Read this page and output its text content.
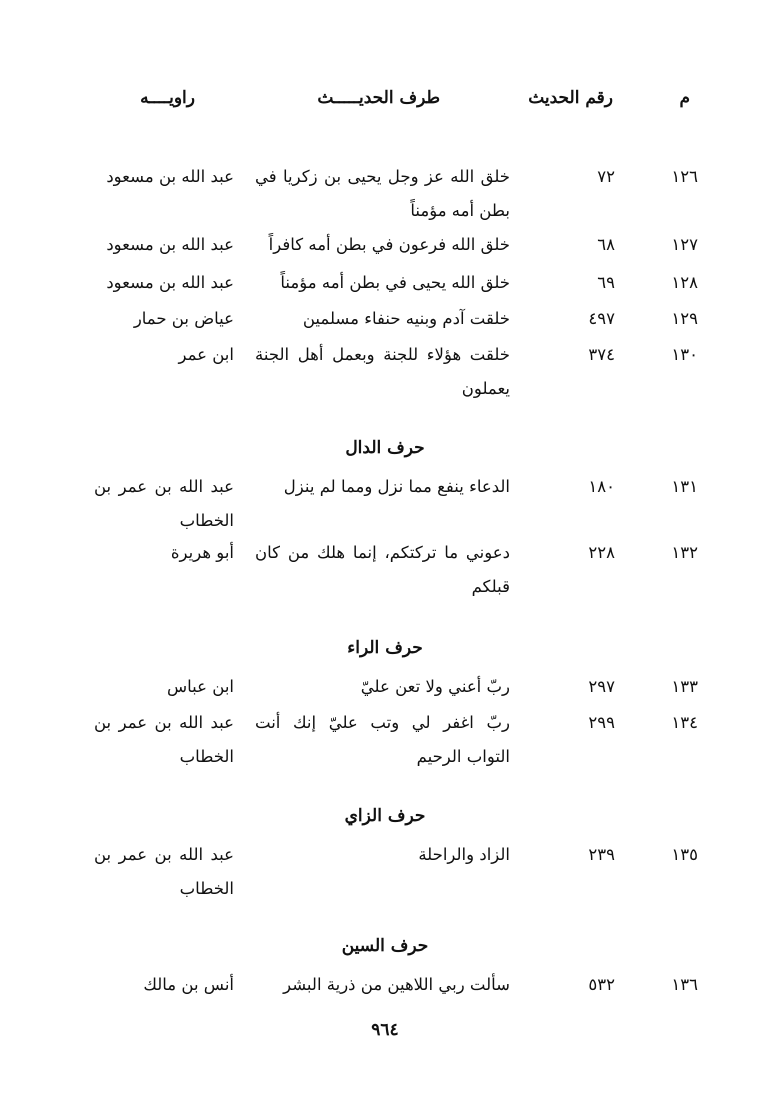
م
رقم الحديث
طرف الحديـــــث
راويــــه
١٢٦
٧٢
خلق الله عز وجل يحيى بن زكريا في بطن أمه مؤمناً
عبد الله بن مسعود
١٢٧
٦٨
خلق الله فرعون في بطن أمه كافراً
عبد الله بن مسعود
١٢٨
٦٩
خلق الله يحيى في بطن أمه مؤمناً
عبد الله بن مسعود
١٢٩
٤٩٧
خلقت آدم وبنيه حنفاء مسلمين
عياض بن حمار
١٣٠
٣٧٤
خلقت هؤلاء للجنة وبعمل أهل الجنة يعملون
ابن عمر
حرف الدال
١٣١
١٨٠
الدعاء ينفع مما نزل ومما لم ينزل
عبد الله بن عمر بن الخطاب
١٣٢
٢٢٨
دعوني ما تركتكم، إنما هلك من كان قبلكم
أبو هريرة
حرف الراء
١٣٣
٢٩٧
ربّ أعني ولا تعن عليّ
ابن عباس
١٣٤
٢٩٩
ربّ اغفر لي وتب عليّ إنك أنت التواب الرحيم
عبد الله بن عمر بن الخطاب
حرف الزاي
١٣٥
٢٣٩
الزاد والراحلة
عبد الله بن عمر بن الخطاب
حرف السين
١٣٦
٥٣٢
سألت ربي اللاهين من ذرية البشر
أنس بن مالك
٩٦٤
